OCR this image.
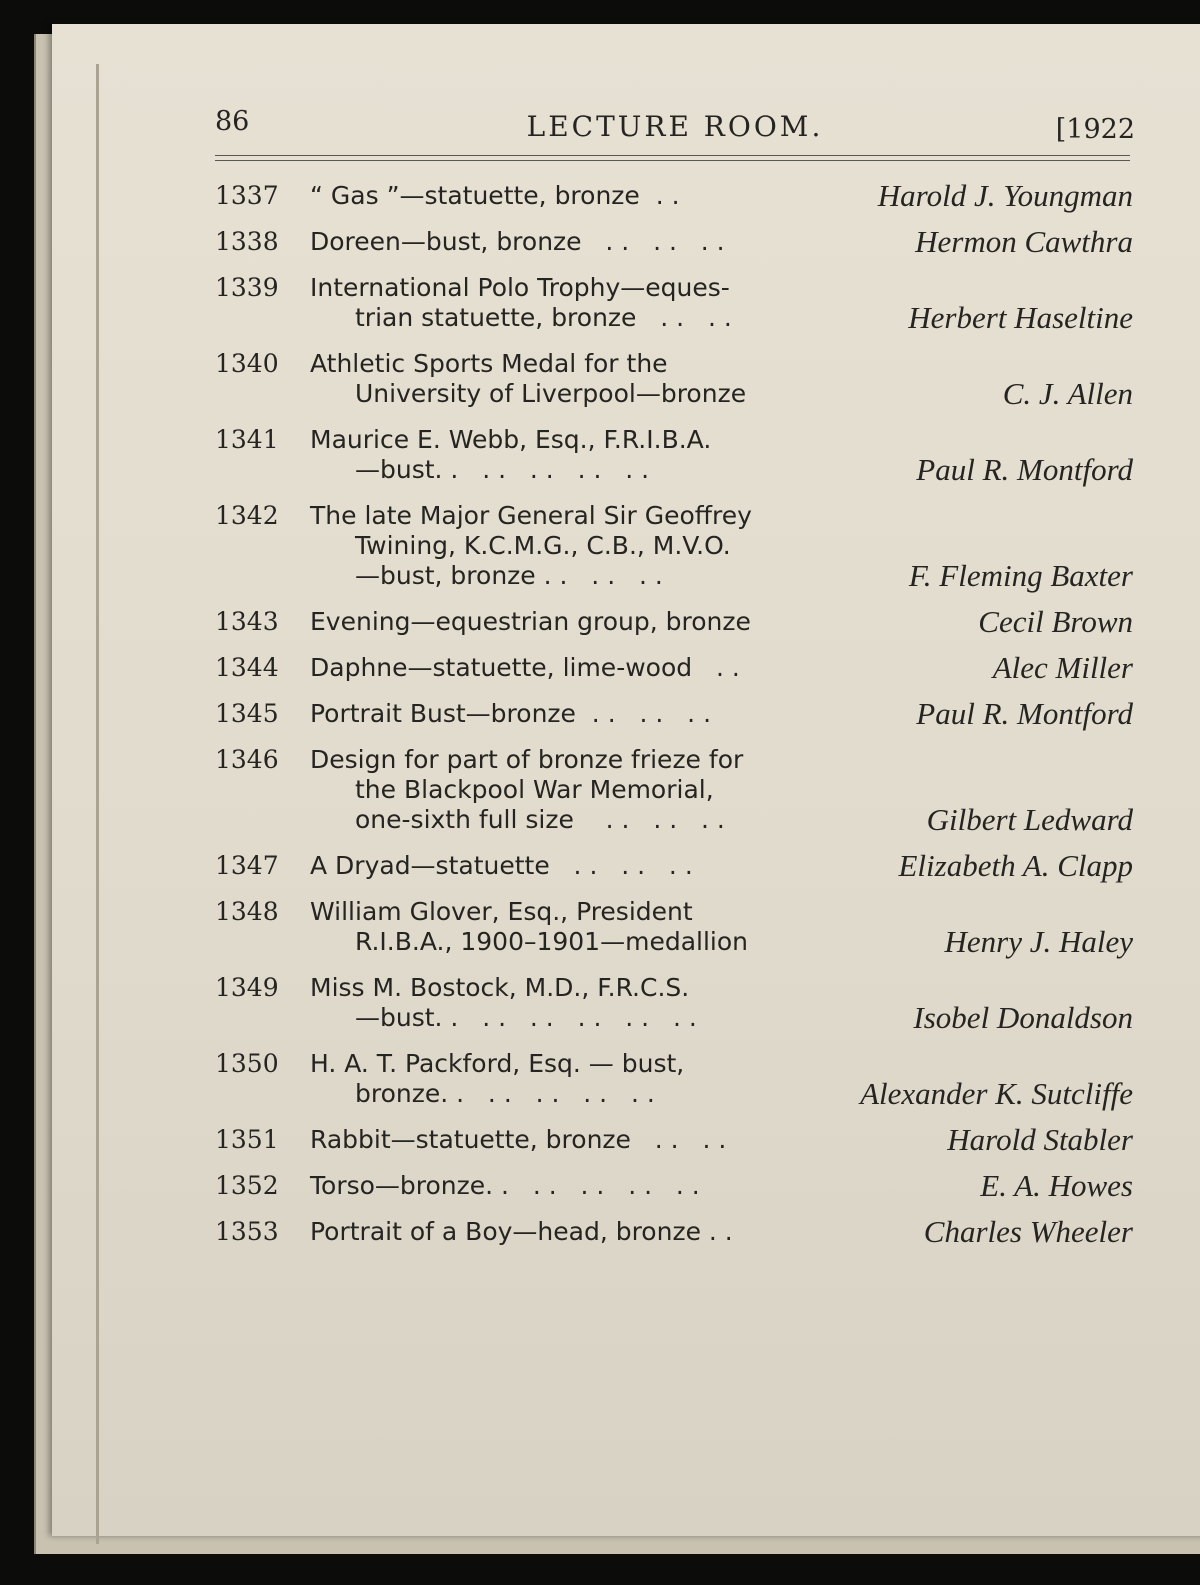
86	LECTURE ROOM.	[1922
1337 “ Gas ”—statuette, bronze  . .	Harold J. Youngman
1338 Doreen—bust, bronze   . .   . .   . .	Hermon Cawthra
1339 International Polo Trophy—eques-
trian statuette, bronze   . .   . .	Herbert Haseltine
1340 Athletic Sports Medal for the
University of Liverpool—bronze	C. J. Allen
1341 Maurice E. Webb, Esq., F.R.I.B.A.
—bust. .   . .   . .   . .   . .	Paul R. Montford
1342 The late Major General Sir Geoffrey
Twining, K.C.M.G., C.B., M.V.O.
—bust, bronze . .   . .   . .	F. Fleming Baxter
1343 Evening—equestrian group, bronze	Cecil Brown
1344 Daphne—statuette, lime-wood   . .	Alec Miller
1345 Portrait Bust—bronze  . .   . .   . .	Paul R. Montford
1346 Design for part of bronze frieze for
the Blackpool War Memorial,
one-sixth full size    . .   . .   . .	Gilbert Ledward
1347 A Dryad—statuette   . .   . .   . .	Elizabeth A. Clapp
1348 William Glover, Esq., President
R.I.B.A., 1900–1901—medallion	Henry J. Haley
1349 Miss M. Bostock, M.D., F.R.C.S.
—bust. .   . .   . .   . .   . .   . .	Isobel Donaldson
1350 H. A. T. Packford, Esq. — bust,
bronze. .   . .   . .   . .   . .	Alexander K. Sutcliffe
1351 Rabbit—statuette, bronze   . .   . .	Harold Stabler
1352 Torso—bronze. .   . .   . .   . .   . .	E. A. Howes
1353 Portrait of a Boy—head, bronze . .	Charles Wheeler
